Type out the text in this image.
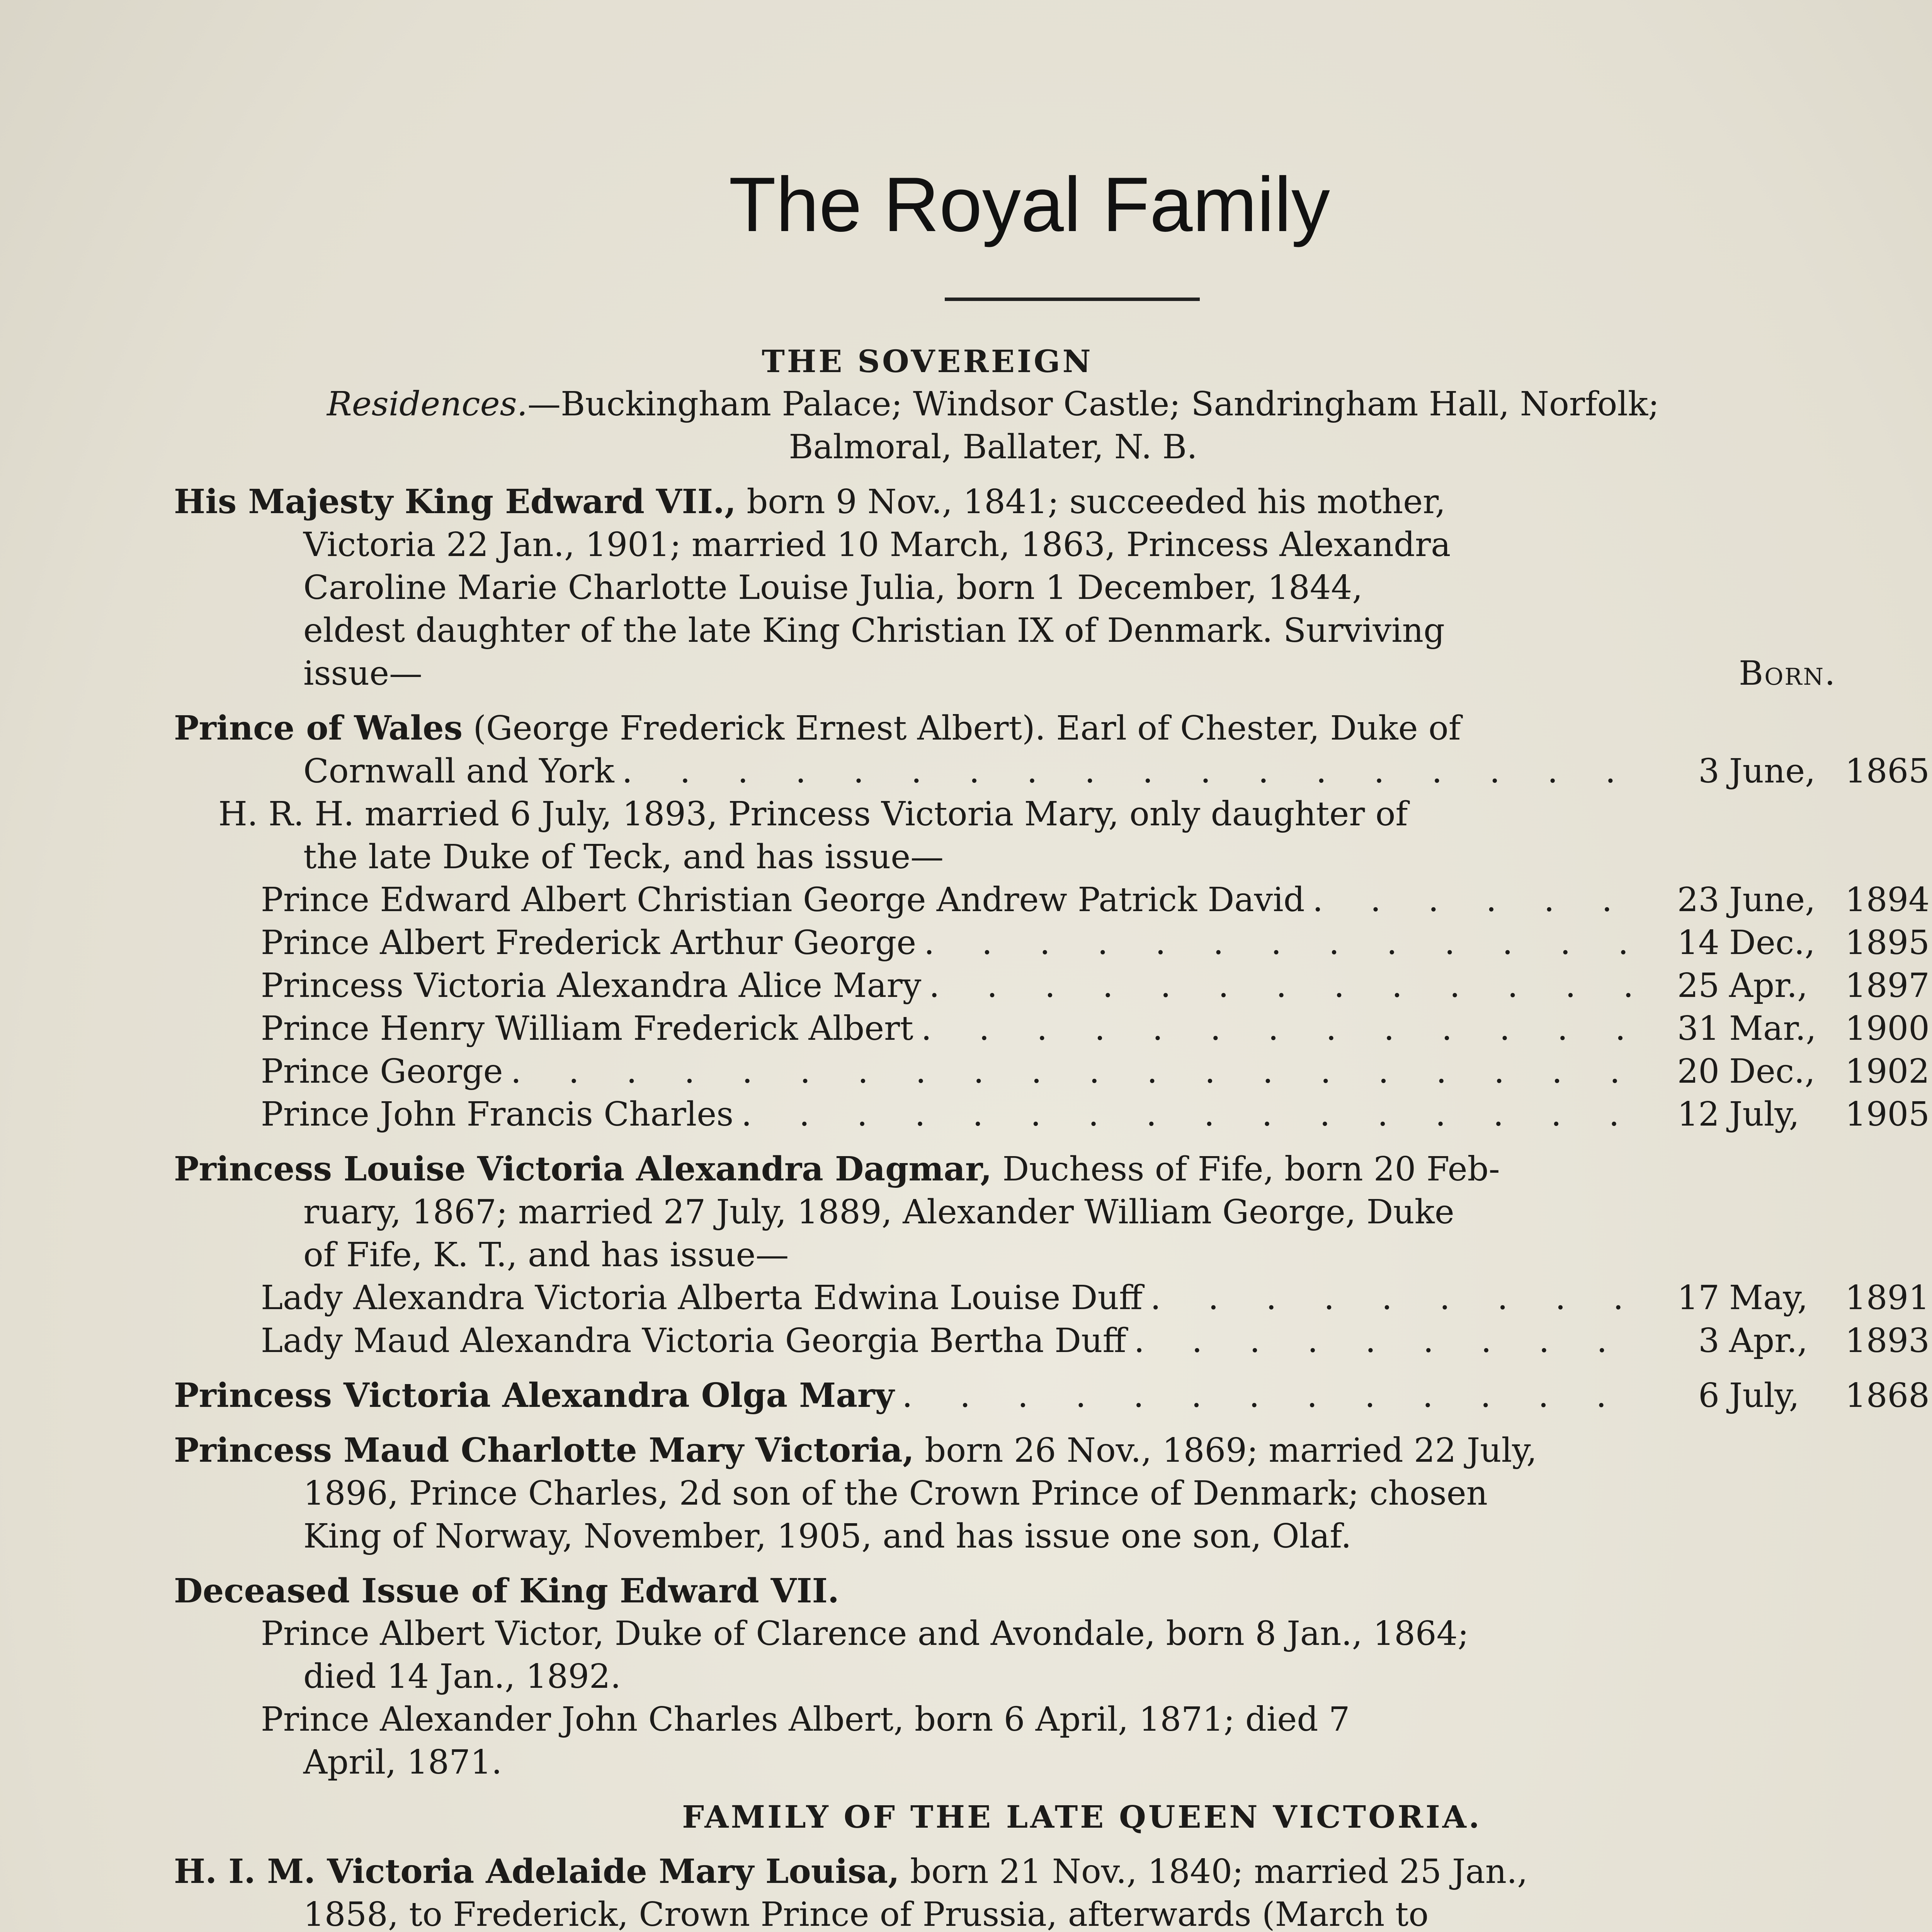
The Royal Family
THE SOVEREIGN
Residences.—Buckingham Palace; Windsor Castle; Sandringham Hall, Norfolk;
Balmoral, Ballater, N. B.
His Majesty King Edward VII., born 9 Nov., 1841; succeeded his mother,
Victoria 22 Jan., 1901; married 10 March, 1863, Princess Alexandra
Caroline Marie Charlotte Louise Julia, born 1 December, 1844,
eldest daughter of the late King Christian IX of Denmark. Surviving
issue—	Born.
Prince of Wales (George Frederick Ernest Albert). Earl of Chester, Duke of
Cornwall and York . . .	3 June, 1865
H. R. H. married 6 July, 1893, Princess Victoria Mary, only daughter of
the late Duke of Teck, and has issue—
Prince Edward Albert Christian George Andrew Patrick David . . .	23 June, 1894
Prince Albert Frederick Arthur George . . .	14 Dec., 1895
Princess Victoria Alexandra Alice Mary . . .	25 Apr.,	1897
Prince Henry William Frederick Albert . . .	31 Mar., 1900
Prince George . . .	20 Dec., 1902
Prince John Francis Charles . . .	12 July,	1905
Princess Louise Victoria Alexandra Dagmar, Duchess of Fife, born 20 Feb-
ruary, 1867; married 27 July, 1889, Alexander William George, Duke
of Fife, K. T., and has issue—
Lady Alexandra Victoria Alberta Edwina Louise Duff . . .	17 May,	1891
Lady Maud Alexandra Victoria Georgia Bertha Duff . . .	3 Apr.,	1893
Princess Victoria Alexandra Olga Mary . . .	6 July,	1868
Princess Maud Charlotte Mary Victoria, born 26 Nov., 1869; married 22 July,
1896, Prince Charles, 2d son of the Crown Prince of Denmark; chosen
King of Norway, November, 1905, and has issue one son, Olaf.
Deceased Issue of King Edward VII.
Prince Albert Victor, Duke of Clarence and Avondale, born 8 Jan., 1864;
died 14 Jan., 1892.
Prince Alexander John Charles Albert, born 6 April, 1871; died 7
April, 1871.
FAMILY OF THE LATE QUEEN VICTORIA.
H. I. M. Victoria Adelaide Mary Louisa, born 21 Nov., 1840; married 25 Jan.,
1858, to Frederick, Crown Prince of Prussia, afterwards (March to
